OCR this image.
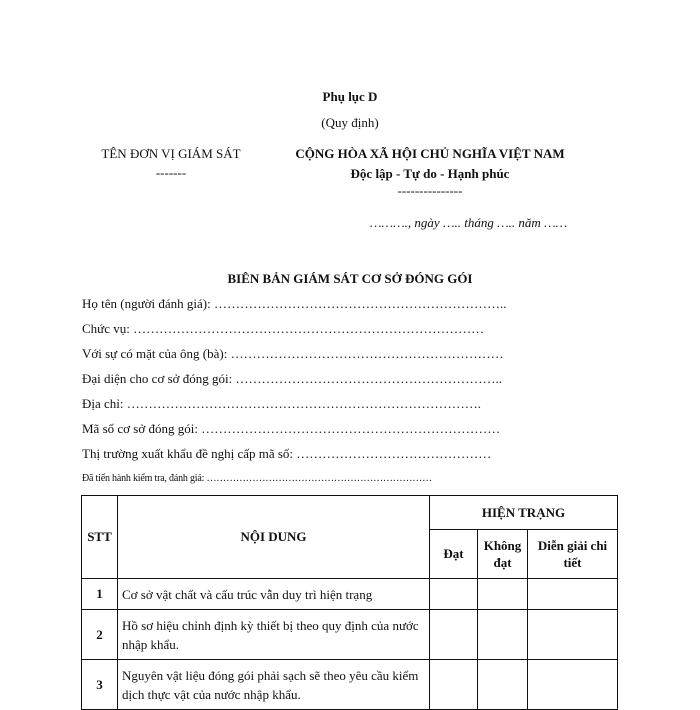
Phụ lục D
(Quy định)
TÊN ĐƠN VỊ GIÁM SÁT
-------
CỘNG HÒA XÃ HỘI CHỦ NGHĨA VIỆT NAM
Độc lập - Tự do - Hạnh phúc
---------------
………., ngày ….. tháng ….. năm ……
BIÊN BẢN GIÁM SÁT CƠ SỞ ĐÓNG GÓI
Họ tên (người đánh giá): …………………………………………………………..
Chức vụ: ………………………………………………………………………
Với sự có mặt của ông (bà): ………………………………………………………
Đại diện cho cơ sở đóng gói: ……………………………………………………..
Địa chỉ: ……………………………………………………………………….
Mã số cơ sở đóng gói: ……………………………………………………………
Thị trường xuất khẩu đề nghị cấp mã số: ………………………………………
Đã tiến hành kiểm tra, đánh giá: ……………………………………………………………
STT	NỘI DUNG	HIỆN TRẠNG		
		Đạt	Không đạt	Diễn giải chi tiết
1	Cơ sở vật chất và cấu trúc vẫn duy trì hiện trạng			
2	Hồ sơ hiệu chỉnh định kỳ thiết bị theo quy định của nước nhập khẩu.			
3	Nguyên vật liệu đóng gói phải sạch sẽ theo yêu cầu kiểm dịch thực vật của nước nhập khẩu.			
